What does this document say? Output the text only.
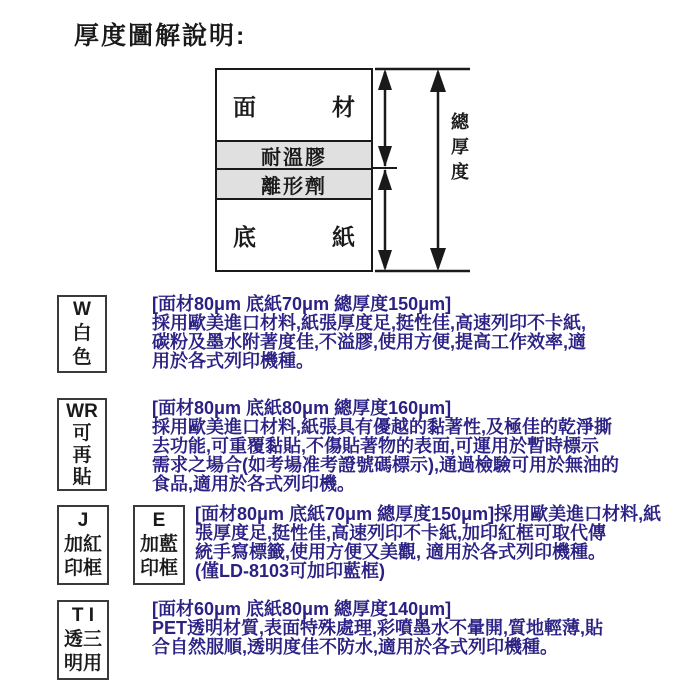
厚度圖解說明:
面	材
耐溫膠
離形劑
底	紙
總厚度
W
白
色
[面材80μm 底紙70μm 總厚度150μm]
採用歐美進口材料,紙張厚度足,挺性佳,高速列印不卡紙,
碳粉及墨水附著度佳,不溢膠,使用方便,提高工作效率,適
用於各式列印機種。
WR
可
再
貼
[面材80μm 底紙80μm 總厚度160μm]
採用歐美進口材料,紙張具有優越的黏著性,及極佳的乾淨撕
去功能,可重覆黏貼,不傷貼著物的表面,可運用於暫時標示
需求之場合(如考場准考證號碼標示),通過檢驗可用於無油的
食品,適用於各式列印機。
J
加紅
印框
E
加藍
印框
[面材80μm 底紙70μm 總厚度150μm]採用歐美進口材料,紙
張厚度足,挺性佳,高速列印不卡紙,加印紅框可取代傳
統手寫標籤,使用方便又美觀, 適用於各式列印機種。
(僅LD-8103可加印藍框)
T I
透三
明用
[面材60μm 底紙80μm 總厚度140μm]
PET透明材質,表面特殊處理,彩噴墨水不暈開,質地輕薄,貼
合自然服順,透明度佳不防水,適用於各式列印機種。
